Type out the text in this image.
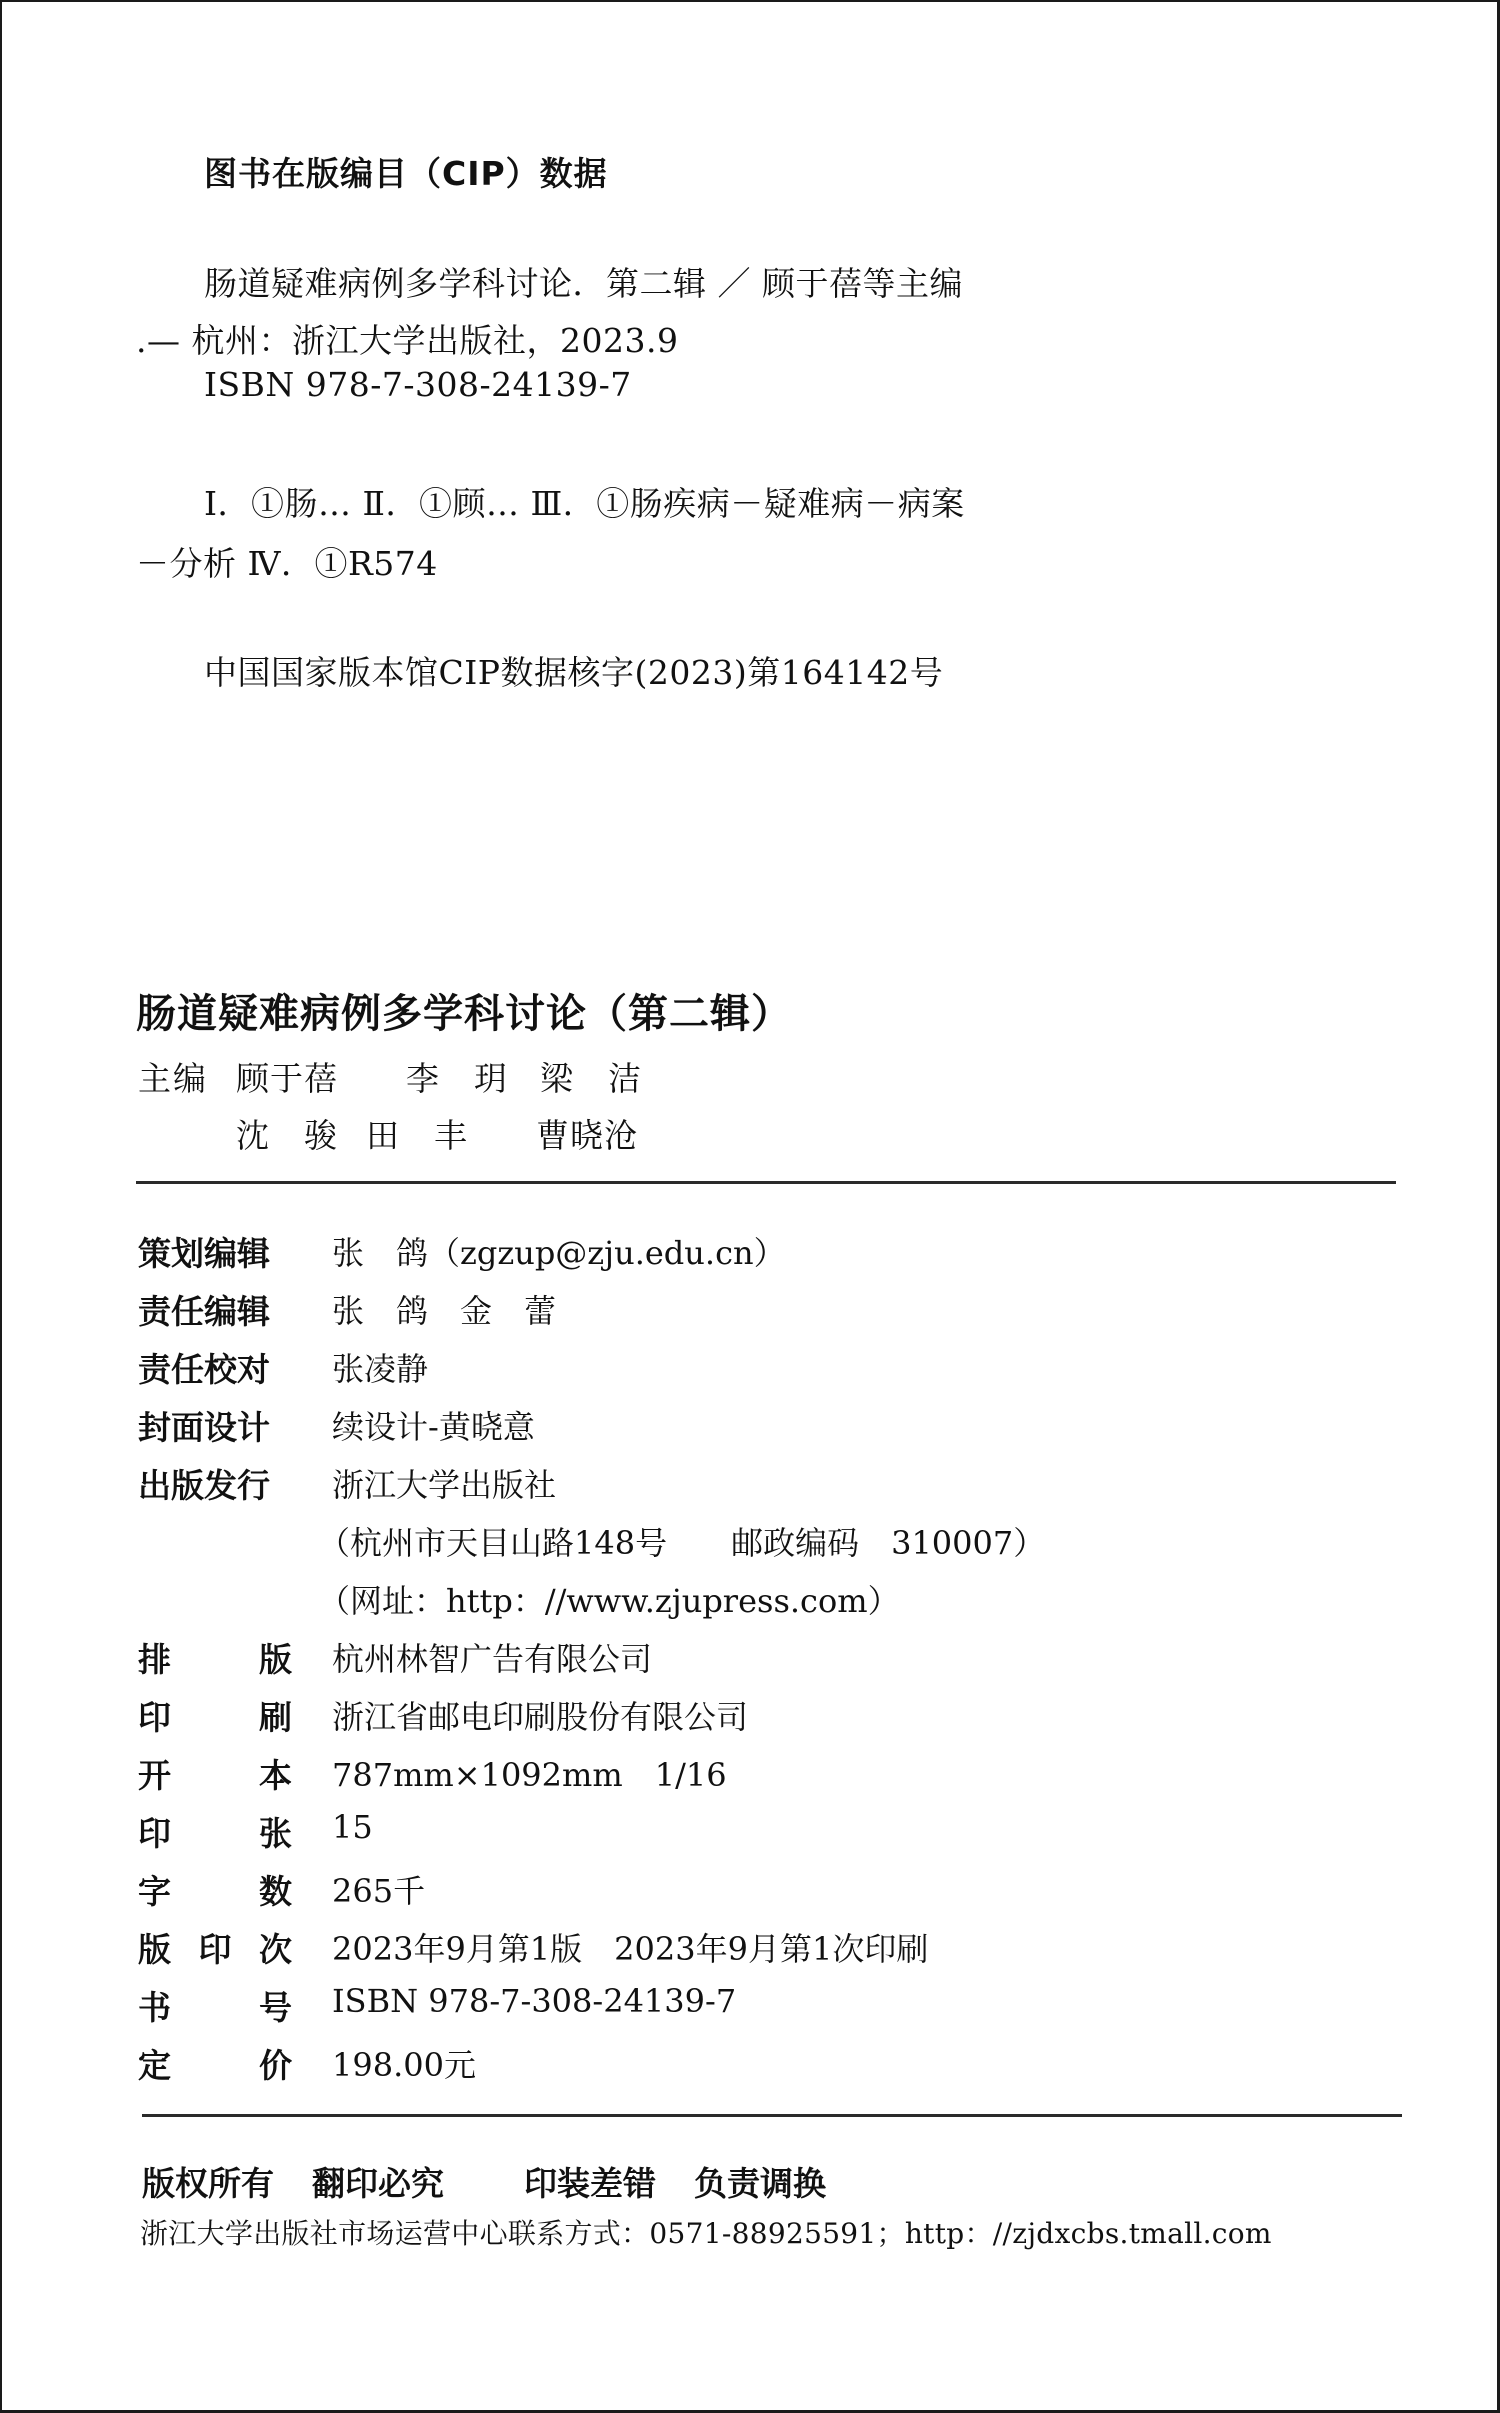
图书在版编目（CIP）数据
肠道疑难病例多学科讨论．第二辑 ／ 顾于蓓等主编
.— 杭州：浙江大学出版社，2023.9
ISBN 978-7-308-24139-7
Ⅰ．①肠… Ⅱ．①顾… Ⅲ．①肠疾病－疑难病－病案
－分析 Ⅳ．①R574
中国国家版本馆CIP数据核字(2023)第164142号
肠道疑难病例多学科讨论（第二辑）
主编 顾于蓓 李　玥 梁　洁
沈　骏 田　丰 曹晓沧
策划编辑 张　鸽（zgzup@zju.edu.cn）
责任编辑 张　鸽　金　蕾
责任校对 张凌静
封面设计 续设计-黄晓意
出版发行 浙江大学出版社
（杭州市天目山路148号　　邮政编码　310007）
（网址：http：//www.zjupress.com）
排	版 杭州林智广告有限公司
印	刷 浙江省邮电印刷股份有限公司
开	本 787mm×1092mm　1/16
印	张 15
字	数 265千
版 印 次 2023年9月第1版　2023年9月第1次印刷
书	号 ISBN 978-7-308-24139-7
定	价 198.00元
版权所有 翻印必究 印装差错 负责调换
浙江大学出版社市场运营中心联系方式：0571-88925591；http：//zjdxcbs.tmall.com
